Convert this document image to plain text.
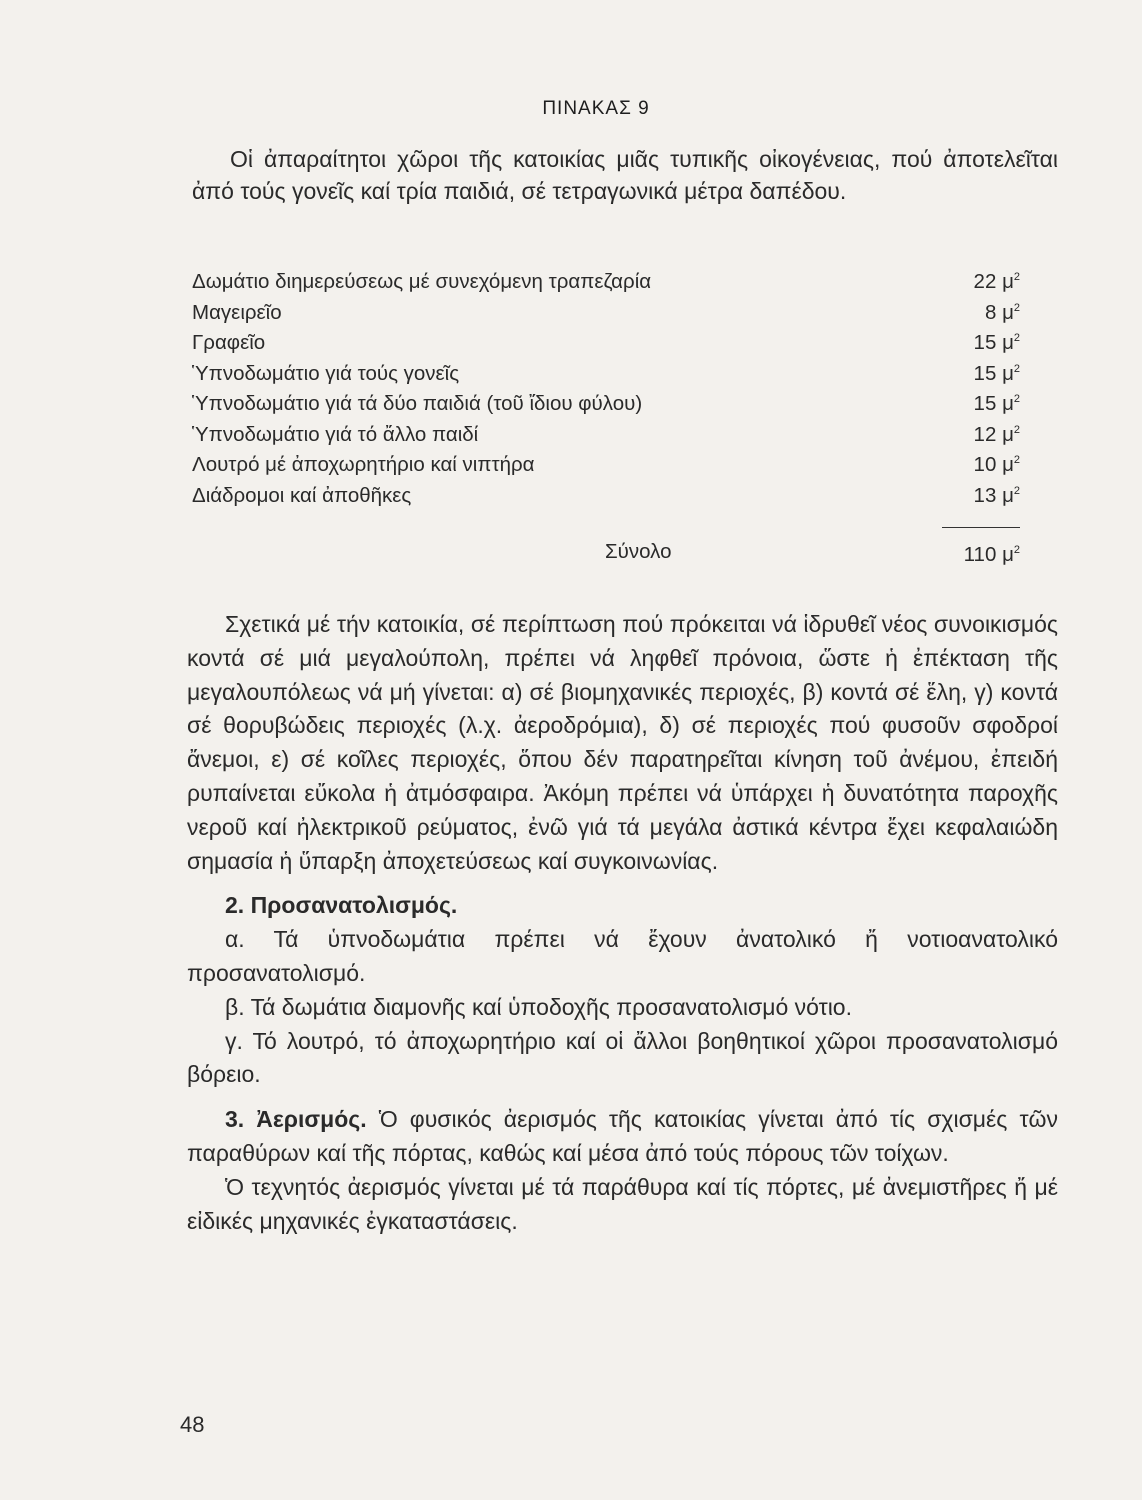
ΠΙΝΑΚΑΣ 9

Οἱ ἀπαραίτητοι χῶροι τῆς κατοικίας μιᾶς τυπικῆς οἰκογένειας, πού ἀποτελεῖται ἀπό τούς γονεῖς καί τρία παιδιά, σέ τετραγωνικά μέτρα δαπέδου.

Δωμάτιο διημερεύσεως μέ συνεχόμενη τραπεζαρία	22 $\mu^2$
Μαγειρεῖο	8 $\mu^2$
Γραφεῖο	15 $\mu^2$
Ὑπνοδωμάτιο γιά τούς γονεῖς	15 $\mu^2$
Ὑπνοδωμάτιο γιά τά δύο παιδιά (τοῦ ἴδιου φύλου)	15 $\mu^2$
Ὑπνοδωμάτιο γιά τό ἄλλο παιδί	12 $\mu^2$
Λουτρό μέ ἀποχωρητήριο καί νιπτήρα	10 $\mu^2$
Διάδρομοι καί ἀποθῆκες	13 $\mu^2$
Σύνολο	110 $\mu^2$

Σχετικά μέ τήν κατοικία, σέ περίπτωση πού πρόκειται νά ἱδρυθεῖ νέος συνοικισμός κοντά σέ μιά μεγαλούπολη, πρέπει νά ληφθεῖ πρόνοια, ὥστε ἡ ἐπέκταση τῆς μεγαλουπόλεως νά μή γίνεται: α) σέ βιομηχανικές περιοχές, β) κοντά σέ ἕλη, γ) κοντά σέ θορυβώδεις περιοχές (λ.χ. ἀεροδρόμια), δ) σέ περιοχές πού φυσοῦν σφοδροί ἄνεμοι, ε) σέ κοῖλες περιοχές, ὅπου δέν παρατηρεῖται κίνηση τοῦ ἀνέμου, ἐπειδή ρυπαίνεται εὔκολα ἡ ἀτμόσφαιρα. Ἀκόμη πρέπει νά ὑπάρχει ἡ δυνατότητα παροχῆς νεροῦ καί ἠλεκτρικοῦ ρεύματος, ἐνῶ γιά τά μεγάλα ἀστικά κέντρα ἔχει κεφαλαιώδη σημασία ἡ ὕπαρξη ἀποχετεύσεως καί συγκοινωνίας.

2. Προσανατολισμός.

α. Τά ὑπνοδωμάτια πρέπει νά ἔχουν ἀνατολικό ἤ νοτιοανατολικό προσανατολισμό.

β. Τά δωμάτια διαμονῆς καί ὑποδοχῆς προσανατολισμό νότιο.

γ. Τό λουτρό, τό ἀποχωρητήριο καί οἱ ἄλλοι βοηθητικοί χῶροι προσανατολισμό βόρειο.

3. Ἀερισμός. Ὁ φυσικός ἀερισμός τῆς κατοικίας γίνεται ἀπό τίς σχισμές τῶν παραθύρων καί τῆς πόρτας, καθώς καί μέσα ἀπό τούς πόρους τῶν τοίχων.

Ὁ τεχνητός ἀερισμός γίνεται μέ τά παράθυρα καί τίς πόρτες, μέ ἀνεμιστῆρες ἤ μέ εἰδικές μηχανικές ἐγκαταστάσεις.

48
